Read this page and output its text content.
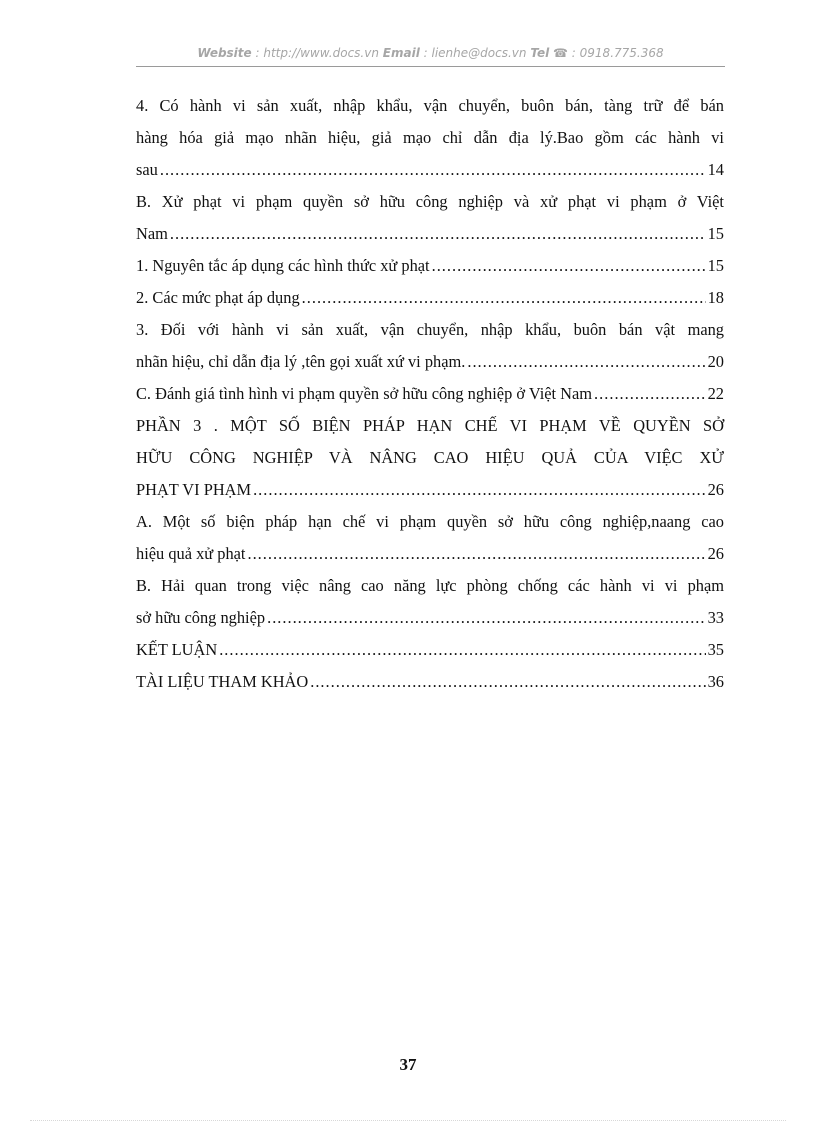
Website : http://www.docs.vn Email : lienhe@docs.vn Tel ☎ : 0918.775.368
4. Có hành vi sản xuất, nhập khẩu, vận chuyển, buôn bán, tàng trữ để bán
hàng hóa giả mạo nhãn hiệu, giả mạo chỉ dẫn địa lý.Bao gồm các hành vi
sau .....	14
B. Xử phạt vi phạm quyền sở hữu công nghiệp và xử phạt vi phạm ở Việt
Nam .....	15
1. Nguyên tắc áp dụng các hình thức xử phạt .....	15
2. Các mức phạt áp dụng .....	18
3. Đối với hành vi sản xuất, vận chuyển, nhập khẩu, buôn bán vật mang
nhãn hiệu, chỉ dẫn địa lý ,tên gọi xuất xứ vi phạm. .....	20
C. Đánh giá tình hình vi phạm quyền sở hữu công nghiệp ở Việt Nam .....	22
PHẦN 3 . MỘT SỐ BIỆN PHÁP HẠN CHẾ VI PHẠM VỀ QUYỀN SỞ
HỮU CÔNG NGHIỆP VÀ NÂNG CAO HIỆU QUẢ CỦA VIỆC XỬ
PHẠT VI PHẠM .....	26
A. Một số biện pháp hạn chế vi phạm quyền sở hữu công nghiệp,naang cao
hiệu quả xử phạt .....	26
B. Hải quan trong việc nâng cao năng lực phòng chống các hành vi vi phạm
sở hữu công nghiệp .....	33
KẾT LUẬN .....	35
TÀI LIỆU THAM KHẢO .....	36
37
